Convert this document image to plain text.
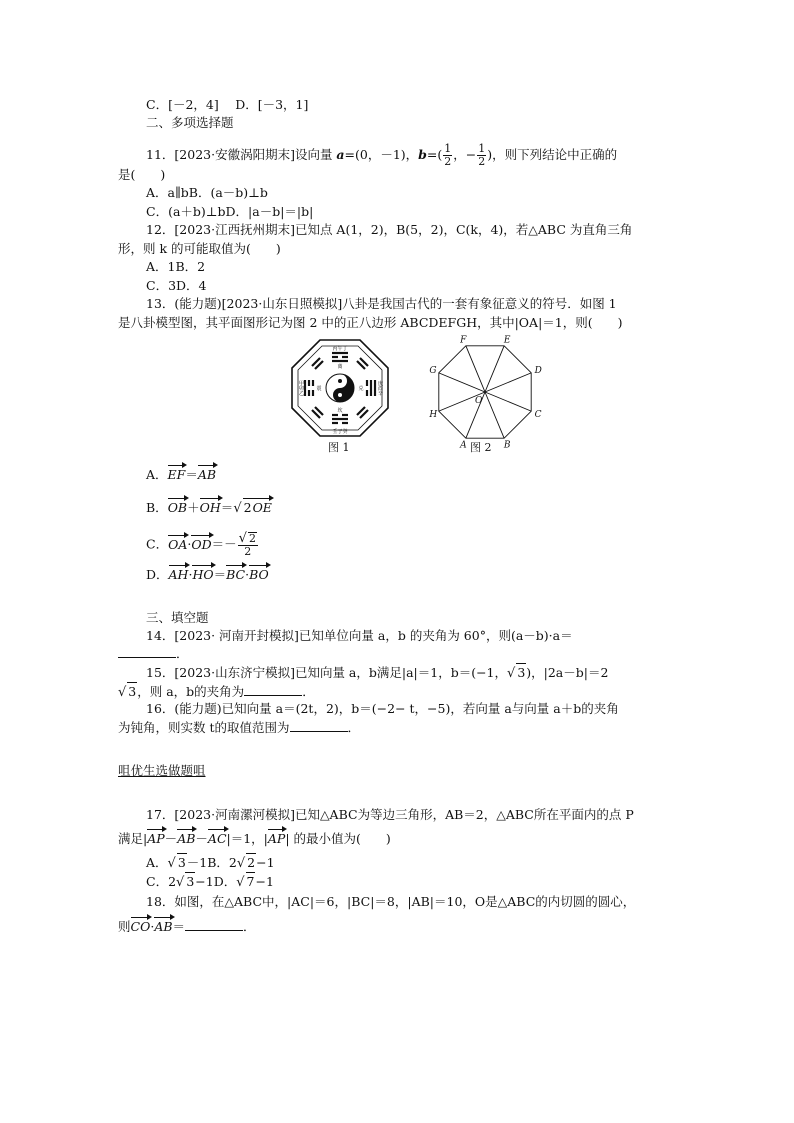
C．[－2，4]　 D．[－3，1]
二、多项选择题
11．[2023·安徽涡阳期末]设向量 a=(0，－1)，$b=( \frac{1}{2}$ ，− $\frac{1}{2}$ )，则下列结论中正确的
是(　　)
A．a∥bB．(a－b)⊥b
C．(a＋b)⊥bD．|a－b|＝|b|
12．[2023·江西抚州期末]已知点 A(1，2)，B(5，2)，C(k，4)，若△ABC 为直角三角
形，则 k 的可能取值为(　　)
A．1B．2
C．3D．4
13．(能力题)[2023·山东日照模拟]八卦是我国古代的一套有象征意义的符号．如图 1
是八卦模型图，其平面图形记为图 2 中的正八边形 ABCDEFGH，其中|OA|＝1，则(　　)
丙午丁
壬子癸
甲卯乙	庚酉辛
离
坎
震	兑
图 1	A	B
C
D
E
F
G
H
O
图 2
A．EF＝AB
B．OB＋OH＝√ 2OE
C．$OA\cdot OD=- \frac{√ 2}{2}$
D．AH·HO＝BC·BO
三、填空题
14．[2023· 河南开封模拟]已知单位向量 a，b 的夹角为 60°，则(a－b)·a＝
．
15．[2023·山东济宁模拟]已知向量 a，b满足|a|＝1，b＝(−1，√ 3)，|2a－b|＝2
√ 3，则 a，b的夹角为	．
16．(能力题)已知向量 a＝(2t，2)，b＝(−2− t，−5)，若向量 a与向量 a＋b的夹角
为钝角，则实数 t的取值范围为	．
咀优生选做题咀
17．[2023·河南漯河模拟]已知△ABC为等边三角形，AB＝2，△ABC所在平面内的点 P
满足|AP－AB－AC|＝1，|AP| 的最小值为(　　)
A．√ 3－1B．2√ 2−1
C．2√ 3−1D．√ 7−1
18．如图，在△ABC中，|AC|＝6，|BC|＝8，|AB|＝10，O是△ABC的内切圆的圆心，
则CO·AB＝	．
